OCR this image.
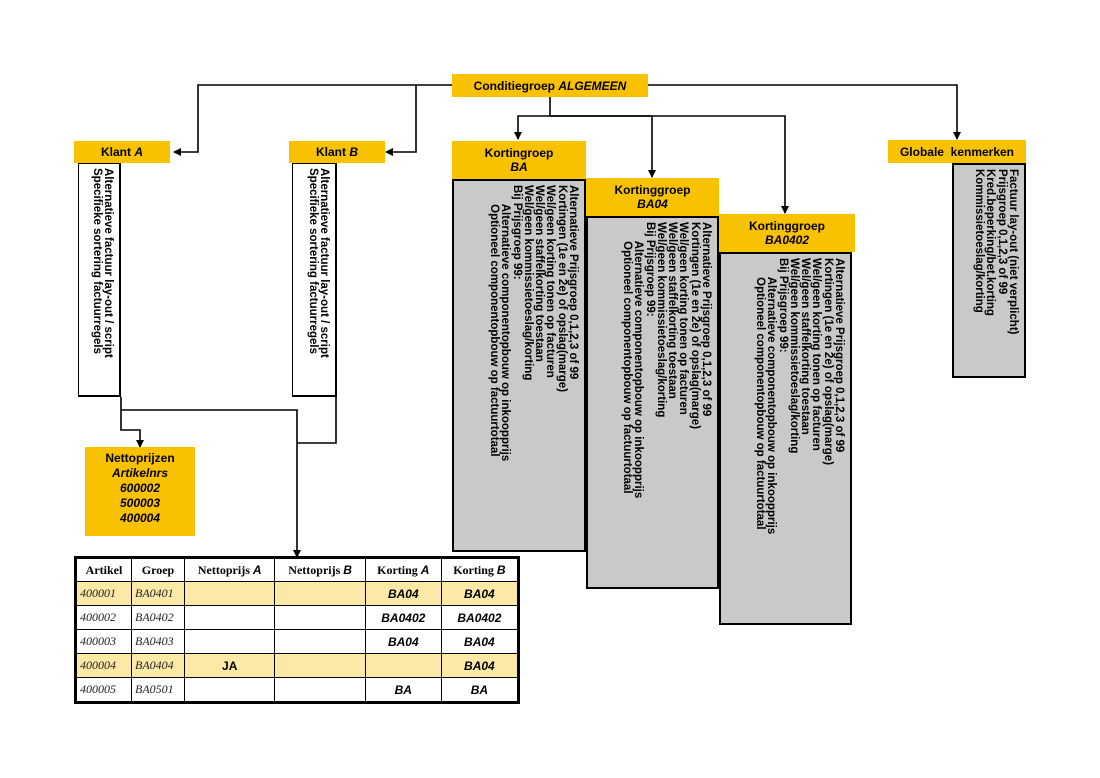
Conditiegroep ALGEMEEN
Klant A
Alternatieve factuur lay-out / script
Specifieke sortering factuurregels
Klant B
Alternatieve factuur lay-out / script
Specifieke sortering factuurregels
Kortingroep
BA
Alternatieve Prijsgroep 0,1,2,3 of 99
Kortingen (1e en 2e) of opslag(marge)
Wel/geen korting tonen op facturen
Wel/geen staffelkorting toestaan
Wel/geen kommissietoeslag/korting
Bij Prijsgroep 99:
Alternatieve componentopbouw op inkoopprijs
Optioneel componentopbouw op factuurtotaal	Kortinggroep
BA04
Alternatieve Prijsgroep 0,1,2,3 of 99
Kortingen (1e en 2e) of opslag(marge)
Wel/geen korting tonen op facturen
Wel/geen staffelkorting toestaan
Wel/geen kommissietoeslag/korting
Bij Prijsgroep 99:
Alternatieve componentopbouw op inkoopprijs
Optioneel componentopbouw op factuurtotaal	Kortinggroep
BA0402
Alternatieve Prijsgroep 0,1,2,3 of 99
Kortingen (1e en 2e) of opslag(marge)
Wel/geen korting tonen op facturen
Wel/geen staffelkorting toestaan
Wel/geen kommissietoeslag/korting
Bij Prijsgroep 99:
Alternatieve componentopbouw op inkoopprijs
Optioneel componentopbouw op factuurtotaal
Globale  kenmerken
Factuur lay-out (niet verplicht)
Prijsgroep 0,1,2,3 of 99
Kred.beperking/bet.korting
Kommissietoeslag/korting
Nettoprijzen
Artikelnrs
600002
500003
400004
Artikel	Groep	Nettoprijs A	Nettoprijs B	Korting A	Korting B
400001	BA0401			BA04	BA04
400002	BA0402			BA0402	BA0402
400003	BA0403			BA04	BA04
400004	BA0404	JA			BA04
400005	BA0501			BA	BA
